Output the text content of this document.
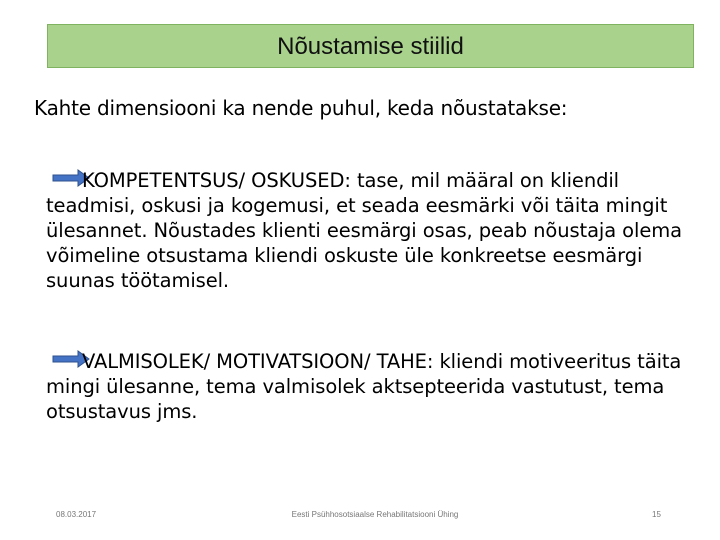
Nõustamise stiilid
Kahte dimensiooni ka nende puhul, keda nõustatakse:
KOMPETENTSUS/ OSKUSED: tase, mil määral on kliendil teadmisi, oskusi ja kogemusi, et seada eesmärki või täita mingit ülesannet. Nõustades klienti eesmärgi osas, peab nõustaja olema võimeline otsustama kliendi oskuste üle konkreetse eesmärgi suunas töötamisel.
VALMISOLEK/ MOTIVATSIOON/ TAHE: kliendi motiveeritus täita mingi ülesanne, tema valmisolek aktsepteerida vastutust, tema otsustavus jms.
08.03.2017	Eesti Psühhosotsiaalse Rehabilitatsiooni Ühing	15
